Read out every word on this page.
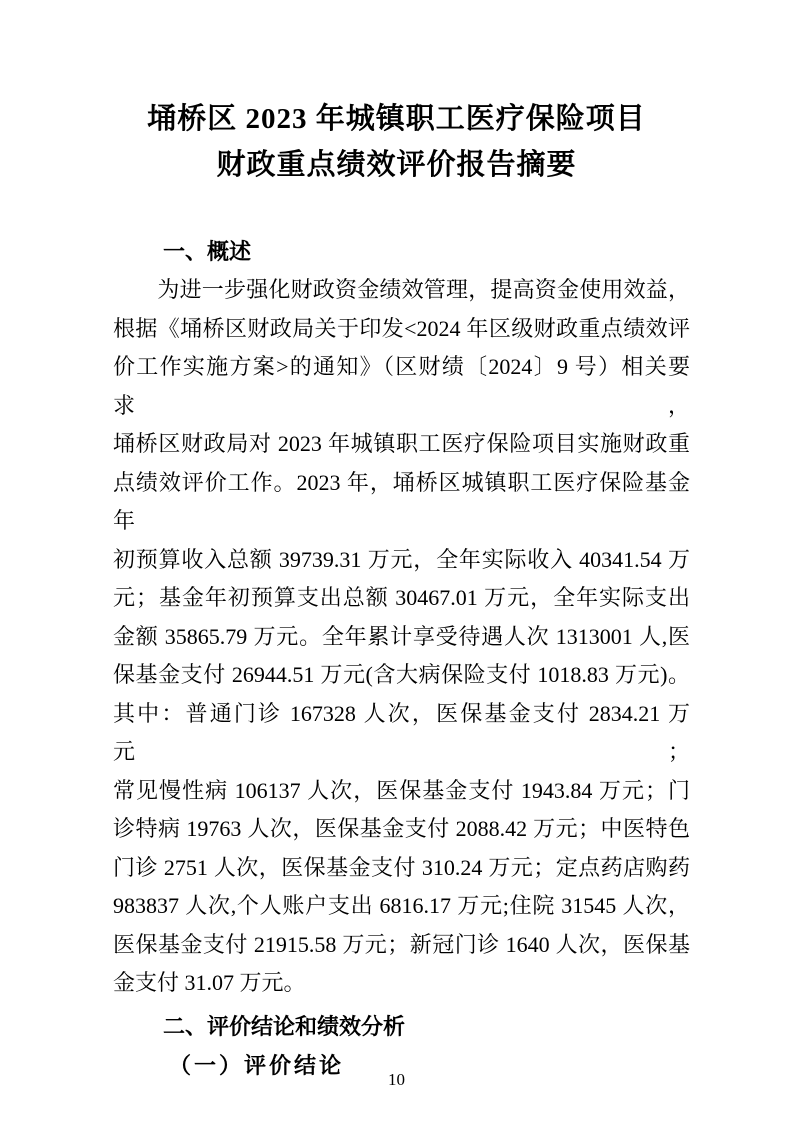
埇桥区 2023 年城镇职工医疗保险项目
财政重点绩效评价报告摘要
一、概述
　　为进一步强化财政资金绩效管理，提高资金使用效益，
根据《埇桥区财政局关于印发<2024 年区级财政重点绩效评
价工作实施方案>的通知》（区财绩〔2024〕9 号）相关要求，
埇桥区财政局对 2023 年城镇职工医疗保险项目实施财政重
点绩效评价工作。2023 年，埇桥区城镇职工医疗保险基金年
初预算收入总额 39739.31 万元，全年实际收入 40341.54 万
元；基金年初预算支出总额 30467.01 万元，全年实际支出
金额 35865.79 万元。全年累计享受待遇人次 1313001 人,医
保基金支付 26944.51 万元(含大病保险支付 1018.83 万元)。
其中：普通门诊 167328 人次，医保基金支付 2834.21 万元；
常见慢性病 106137 人次，医保基金支付 1943.84 万元；门
诊特病 19763 人次，医保基金支付 2088.42 万元；中医特色
门诊 2751 人次，医保基金支付 310.24 万元；定点药店购药
983837 人次,个人账户支出 6816.17 万元;住院 31545 人次，
医保基金支付 21915.58 万元；新冠门诊 1640 人次，医保基
金支付 31.07 万元。
二、评价结论和绩效分析
（一）评价结论
10
